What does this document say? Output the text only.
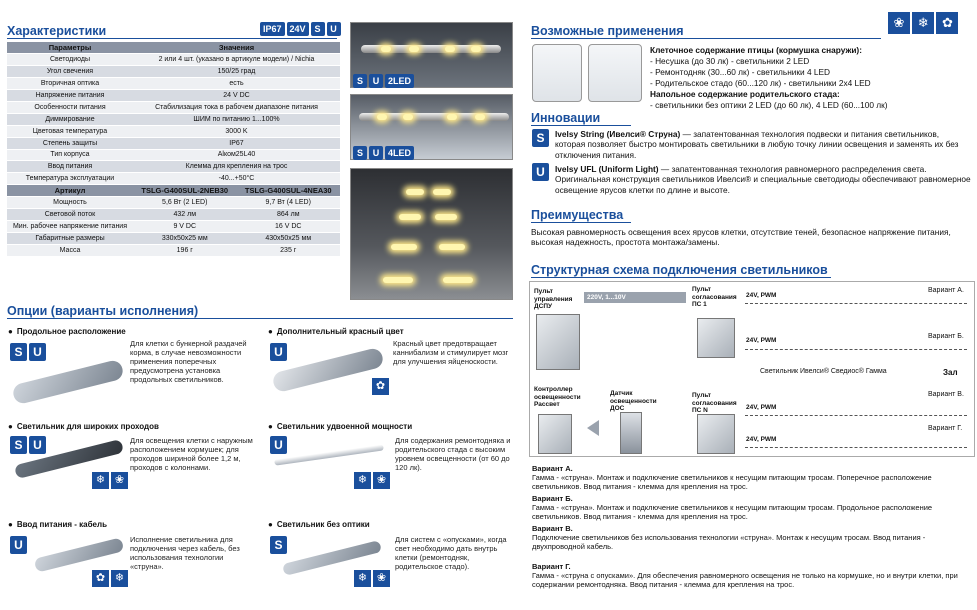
Характеристики	IP67 24V S U
Параметры	Значения	
Светодиоды	2 или 4 шт. (указано в артикуле модели) / Nichia	
Угол свечения	150/25 град	
Вторичная оптика	есть	
Напряжение питания	24 V DC	
Особенности питания	Стабилизация тока в рабочем диапазоне питания	
Диммирование	ШИМ по питанию 1...100%	
Цветовая температура	3000 K	
Степень защиты	IP67	
Тип корпуса	Alком25L40	
Ввод питания	Клемма для крепления на трос	
Температура эксплуатации	-40...+50°C	
Артикул	TSLG-G400SUL-2NEB30	TSLG-G400SUL-4NEA30
Мощность	5,6 Вт (2 LED)	9,7 Вт (4 LED)
Световой поток	432 лм	864 лм
Мин. рабочее напряжение питания	9 V DC	16 V DC
Габаритные размеры	330x50x25 мм	430x50x25 мм
Масса	196 г	235 г
S U 2LED
S U 4LED
Опции (варианты исполнения)
● Продольное расположение
S U
Для клетки с бункерной раздачей корма, в случае невозможности применения поперечных предусмотрена установка продольных светильников.
● Дополнительный красный цвет
U
✿
Красный цвет предотвращает каннибализм и стимулирует мозг для улучшения яйценоскости.
● Светильник для широких проходов
S U
❄ ❀
Для освещения клетки с наружным расположением кормушек; для проходов шириной более 1,2 м, проходов с колоннами.
● Светильник удвоенной мощности
U
❄ ❀
Для содержания ремонтодняка и родительского стада с высоким уровнем освещенности (от 60 до 120 лк).
● Ввод питания - кабель
U
✿ ❄
Исполнение светильника для подключения через кабель, без использования технологии «струна».
● Светильник без оптики
S
❄ ❀
Для систем с «опусками», когда свет необходимо дать внутрь клетки (ремонтодняк, родительское стадо).
Возможные применения
❀ ❄ ✿
Клеточное содержание птицы (кормушка снаружи):
- Несушка (до 30 лк) - светильники 2 LED
- Ремонтодняк (30...60 лк) - светильники 4 LED
- Родительское стадо (60...120 лк) - светильники 2х4 LED
Напольное содержание родительского стада:
- светильники без оптики 2 LED (до 60 лк), 4 LED (60...100 лк)
Инновации
S	Ivelsy String (Ивелси® Струна) — запатентованная технология подвески и питания светильников, которая позволяет быстро монтировать светильники в любую точку линии освещения и заменять их без отключения питания.
U	Ivelsy UFL (Uniform Light) — запатентованная технология равномерного распределения света. Оригинальная конструкция светильников Ивелси® и специальные светодиоды обеспечивают равномерное освещение ярусов клетки по длине и высоте.
Преимущества
Высокая равномерность освещения всех ярусов клетки, отсутствие теней, безопасное напряжение питания, высокая надежность, простота монтажа/замены.
Структурная схема подключения светильников
Пульт управления ДСПУ
220V, 1...10V
Пульт согласования ПС 1
Пульт согласования ПС N
24V, PWM
24V, PWM
24V, PWM
24V, PWM
Вариант А.
Вариант Б.
Вариант В.
Вариант Г.
Светильник Ивелси® Сведиос® Гамма	Зал
Контроллер освещенности Рассвет
Датчик освещенности ДОС
Вариант А.
Гамма - «струна». Монтаж и подключение светильников к несущим питающим тросам. Поперечное расположение светильников. Ввод питания - клемма для крепления на трос.
Вариант Б.
Гамма - «струна». Монтаж и подключение светильников к несущим питающим тросам. Продольное расположение светильников. Ввод питания - клемма для крепления на трос.
Вариант В.
Подключение светильников без использования технологии «струна». Монтаж к несущим тросам. Ввод питания - двухпроводной кабель.
Вариант Г.
Гамма - «струна с опусками». Для обеспечения равномерного освещения не только на кормушке, но и внутри клетки, при содержании ремонтодняка. Ввод питания - клемма для крепления на трос.
